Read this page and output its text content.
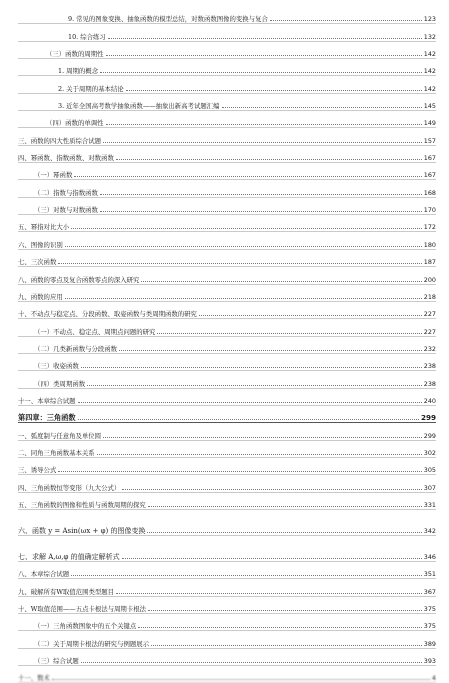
9. 常见的图象变换、抽象函数的模型总结，对数函数图像的变换与复合	123
10. 综合练习	132
（三）函数的周期性	142
1. 周期的概念	142
2. 关于周期的基本结论	142
3. 近年全国高考数学抽象函数——抽象出新高考试题汇编	145
（四）函数的单调性	149
三、函数的四大性质综合试题	157
四、幂函数、指数函数、对数函数	167
（一）幂函数	167
（二）指数与指数函数	168
（三）对数与对数函数	170
五、幂指对比大小	172
六、图像的识别	180
七、三次函数	187
八、函数的零点及复合函数零点的深入研究	200
九、函数的应用	218
十、不动点与稳定点、分段函数、取姿函数与类周期函数的研究	227
（一）不动点、稳定点、周期点问题的研究	227
（二）几类新函数与分段函数	232
（三）收姿函数	238
（四）类周期函数	238
十一、本章综合试题	240
第四章：三角函数	299
一、弧度制与任意角及单位圆	299
二、同角三角函数基本关系	302
三、诱导公式	305
四、三角函数恒等变形（九大公式）	307
五、三角函数的图像和性质与函数周期的探究	331
六、函数 y = Asin(ωx + φ) 的图像变换	342
七、求解 A,ω,φ 的值确定解析式	346
八、本章综合试题	351
九、破解所有W取值范围类型题目	367
十、W取值范围——五点卡根法与周期卡根法	375
（一）三角函数图象中的五个关键点	375
（二）关于周期卡根法的研究与例题展示	389
（三）综合试题	393
十一、数术	4
